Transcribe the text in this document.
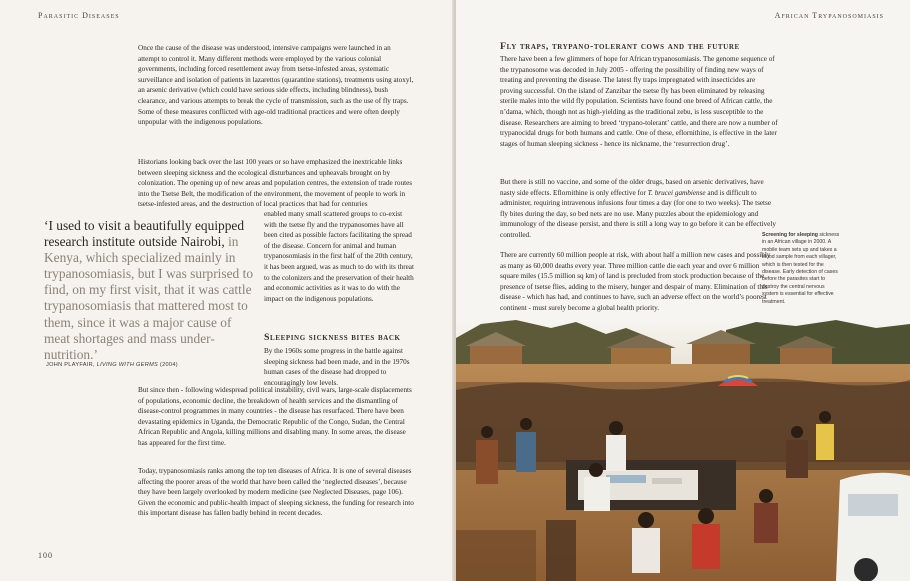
Parasitic Diseases

Once the cause of the disease was understood, intensive campaigns were launched in an attempt to control it. Many different methods were employed by the various colonial governments, including forced resettlement away from tsetse-infested areas, systematic surveillance and isolation of patients in lazarettos (quarantine stations), treatments using atoxyl, an arsenic derivative (which could have serious side effects, including blindness), bush clearance, and various attempts to break the cycle of transmission, such as the use of fly traps. Some of these measures conflicted with age-old traditional practices and were often deeply unpopular with the indigenous populations.

Historians looking back over the last 100 years or so have emphasized the inextricable links between sleeping sickness and the ecological disturbances and upheavals brought on by colonization. The opening up of new areas and population centres, the extension of trade routes into the Tsetse Belt, the modification of the environment, the movement of people to work in tsetse-infested areas, and the destruction of local practices that had for centuries

enabled many small scattered groups to co-exist with the tsetse fly and the trypanosomes have all been cited as possible factors facilitating the spread of the disease. Concern for animal and human trypanosomiasis in the first half of the 20th century, it has been argued, was as much to do with its threat to the colonizers and the preservation of their health and economic activities as it was to do with the impact on the indigenous populations.

‘I used to visit a beautifully equipped research institute outside Nairobi, in Kenya, which specialized mainly in trypanosomiasis, but I was surprised to find, on my first visit, that it was cattle trypanosomiasis that mattered most to them, since it was a major cause of meat shortages and mass under-nutrition.’

JOHN PLAYFAIR, LIVING WITH GERMS (2004)
Sleeping sickness bites back

By the 1960s some progress in the battle against sleeping sickness had been made, and in the 1970s human cases of the disease had dropped to encouragingly low levels.

But since then - following widespread political instability, civil wars, large-scale displacements of populations, economic decline, the breakdown of health services and the dismantling of disease-control programmes in many countries - the disease has resurfaced. There have been devastating epidemics in Uganda, the Democratic Republic of the Congo, Sudan, the Central African Republic and Angola, killing millions and disabling many. In some areas, the disease has appeared for the first time.

Today, trypanosomiasis ranks among the top ten diseases of Africa. It is one of several diseases affecting the poorer areas of the world that have been called the ‘neglected diseases’, because they have been largely overlooked by modern medicine (see Neglected Diseases, page 106). Given the economic and public-health impact of sleeping sickness, the funding for research into this important disease has fallen badly behind in recent decades.

100
African Trypanosomiasis
Fly traps, trypano-tolerant cows and the future

There have been a few glimmers of hope for African trypanosomiasis. The genome sequence of the trypanosome was decoded in July 2005 - offering the possibility of finding new ways of treating and preventing the disease. The latest fly traps impregnated with insecticides are proving successful. On the island of Zanzibar the tsetse fly has been eliminated by releasing sterile males into the wild fly population. Scientists have found one breed of African cattle, the n’dama, which, though not as high-yielding as the traditional zebu, is less susceptible to the disease. Researchers are aiming to breed ‘trypano-tolerant’ cattle, and there are now a number of trypanocidal drugs for both humans and cattle. One of these, eflornithine, is effective in the later stages of human sleeping sickness - hence its nickname, the ‘resurrection drug’.

But there is still no vaccine, and some of the older drugs, based on arsenic derivatives, have nasty side effects. Eflornithine is only effective for T. brucei gambiense and is difficult to administer, requiring intravenous infusions four times a day (for one to two weeks). The tsetse fly bites during the day, so bed nets are no use. Many puzzles about the epidemiology and immunology of the disease persist, and there is still a long way to go before it can be effectively controlled.

There are currently 60 million people at risk, with about half a million new cases and possibly as many as 60,000 deaths every year. Three million cattle die each year and over 6 million square miles (15.5 million sq km) of land is precluded from stock production because of the presence of tsetse flies, adding to the misery, hunger and despair of many. Elimination of this disease - which has had, and continues to have, such an adverse effect on the world’s poorest continent - must surely become a global health priority.

Screening for sleeping sickness in an African village in 2000. A mobile team sets up and takes a blood sample from each villager, which is then tested for the disease. Early detection of cases before the parasites start to destroy the central nervous system is essential for effective treatment.
